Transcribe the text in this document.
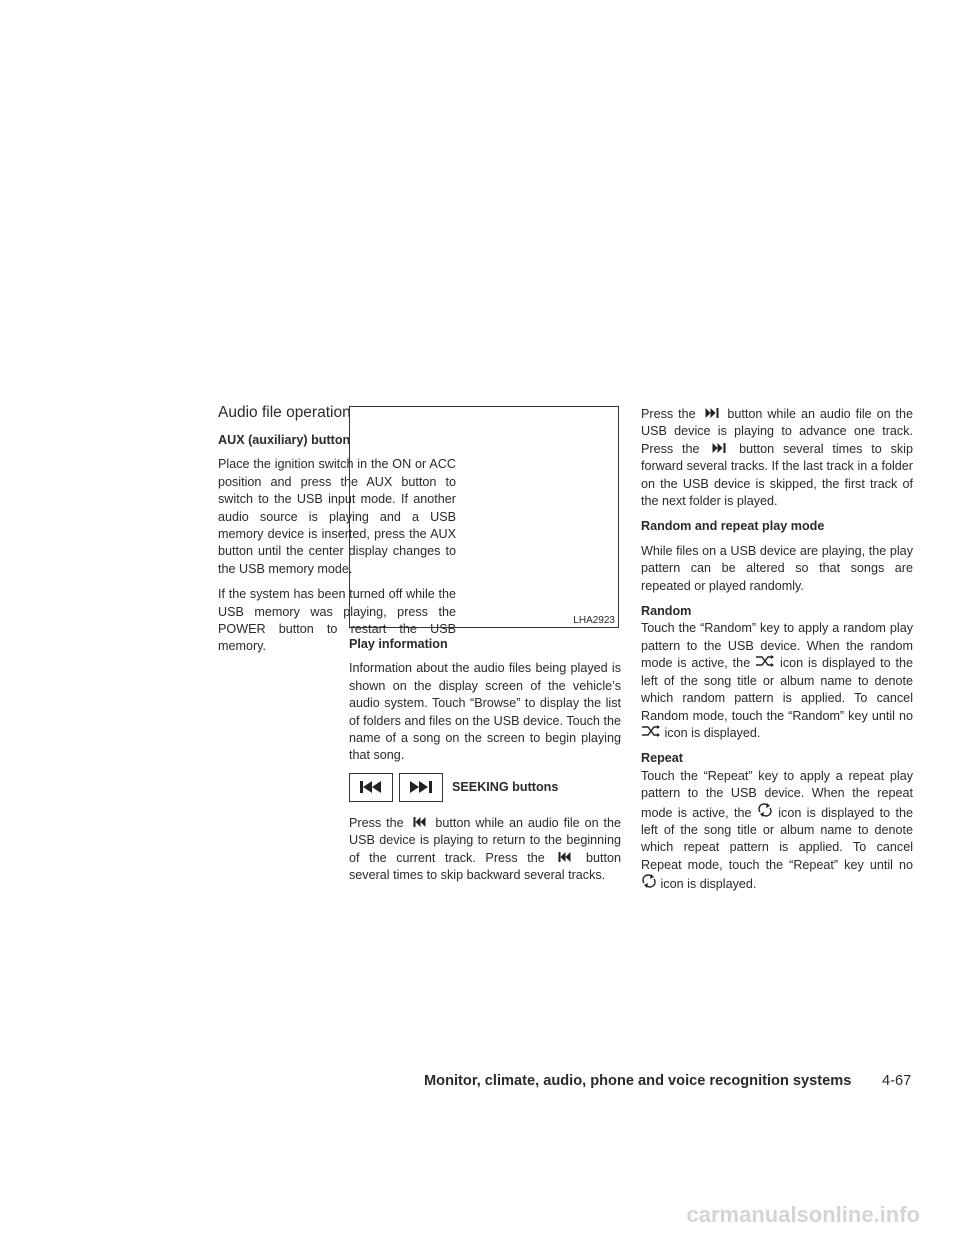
Audio file operation
AUX (auxiliary) button

Place the ignition switch in the ON or ACC position and press the AUX button to switch to the USB input mode. If another audio source is playing and a USB memory device is inserted, press the AUX button until the center display changes to the USB memory mode.

If the system has been turned off while the USB memory was playing, press the POWER button to restart the USB memory.

LHA2923
Play information

Information about the audio files being played is shown on the display screen of the vehicle’s audio system. Touch “Browse” to display the list of folders and files on the USB device. Touch the name of a song on the screen to begin playing that song.

SEEKING buttons

Press the	button while an audio file on the USB device is playing to return to the beginning of the current track. Press the	button several times to skip backward several tracks.

Press the	button while an audio file on the USB device is playing to advance one track. Press the	button several times to skip forward several tracks. If the last track in a folder on the USB device is skipped, the first track of the next folder is played.

Random and repeat play mode

While files on a USB device are playing, the play pattern can be altered so that songs are repeated or played randomly.

Random

Touch the “Random” key to apply a random play pattern to the USB device. When the random mode is active, the icon is displayed to the left of the song title or album name to denote which random pattern is applied. To cancel Random mode, touch the “Random” key until no
icon is displayed.

Repeat

Touch the “Repeat” key to apply a repeat play pattern to the USB device. When the repeat mode is active, the icon is displayed to the left of the song title or album name to denote which repeat pattern is applied. To cancel Repeat mode, touch the “Repeat” key until no
icon is displayed.

Monitor, climate, audio, phone and voice recognition systems 4-67
carmanualsonline.info
